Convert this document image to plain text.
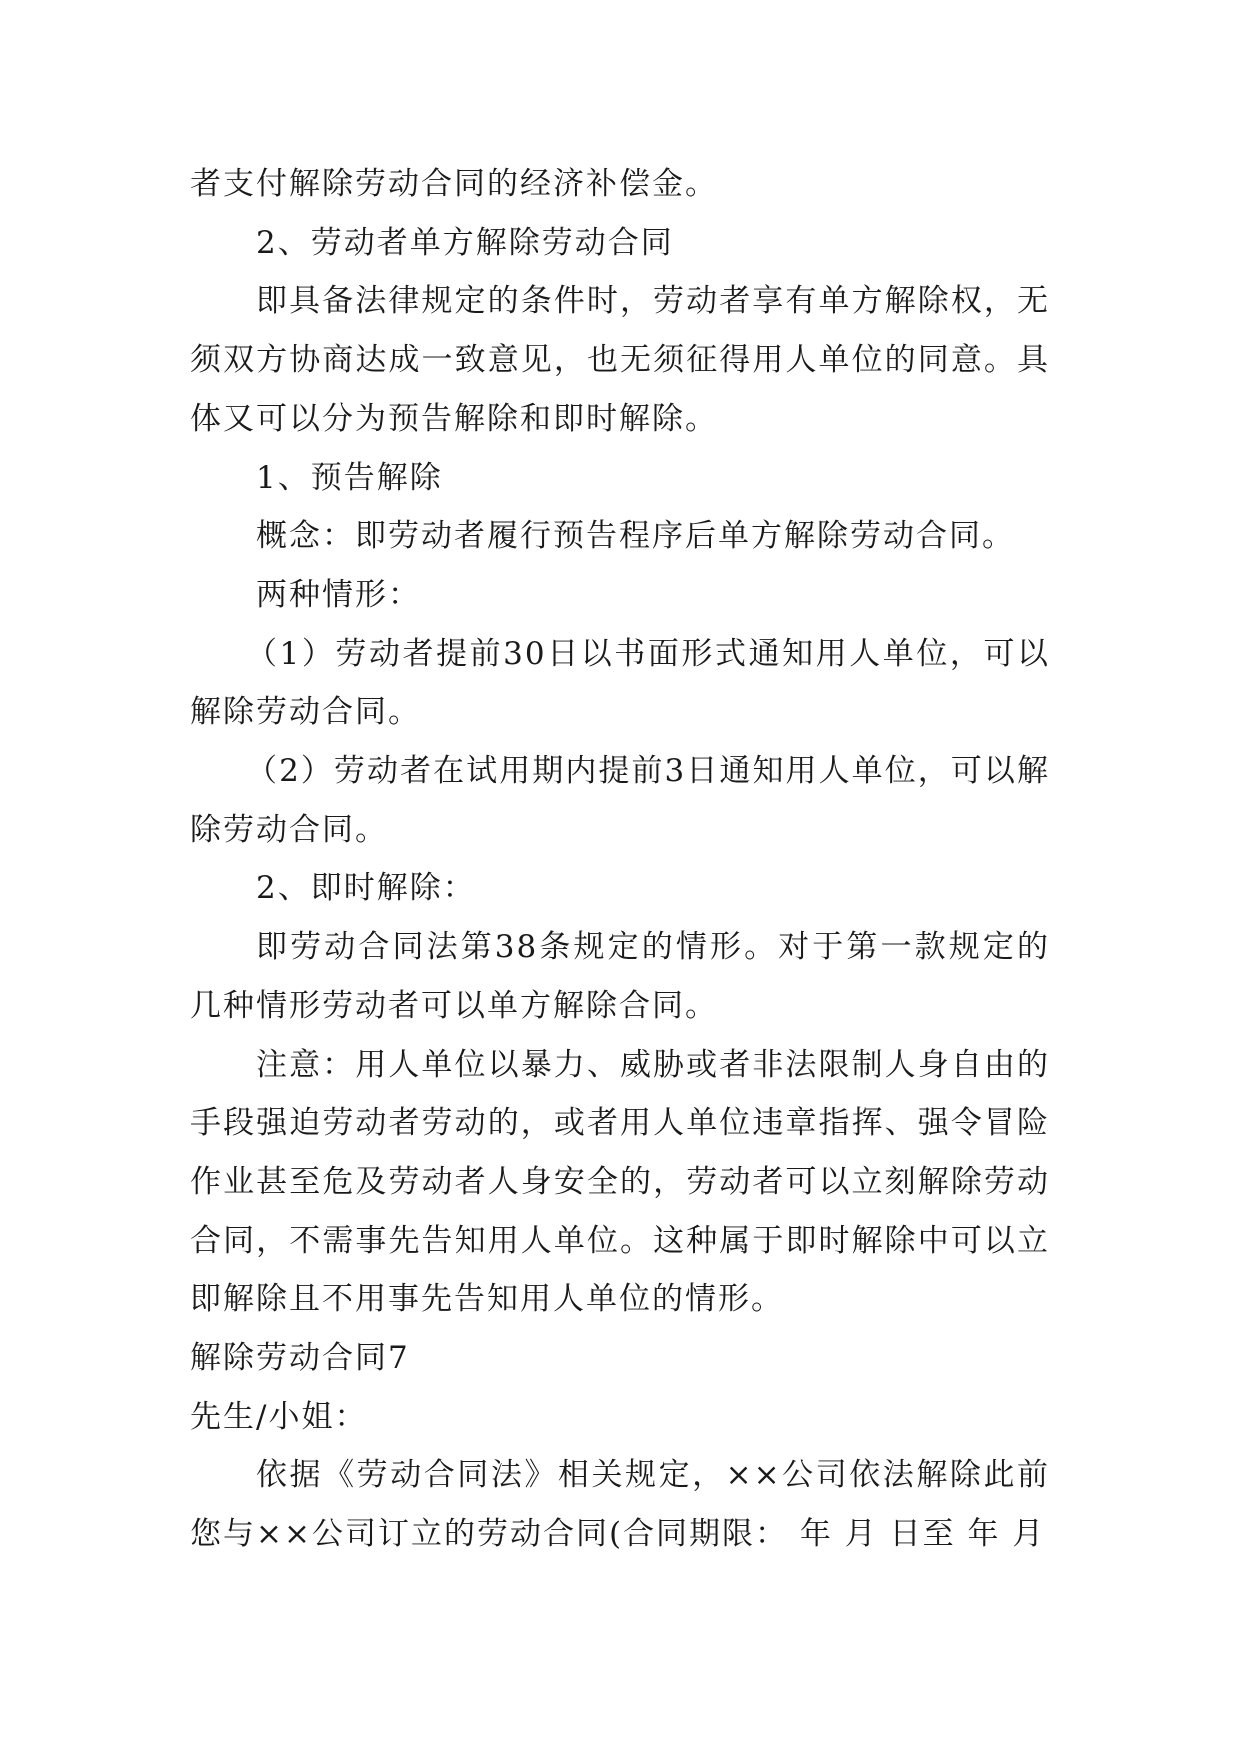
者支付解除劳动合同的经济补偿金。

2、劳动者单方解除劳动合同

即具备法律规定的条件时，劳动者享有单方解除权，无须双方协商达成一致意见，也无须征得用人单位的同意。具体又可以分为预告解除和即时解除。

1、预告解除

概念：即劳动者履行预告程序后单方解除劳动合同。

两种情形：

（1）劳动者提前30日以书面形式通知用人单位，可以解除劳动合同。

（2）劳动者在试用期内提前3日通知用人单位，可以解除劳动合同。

2、即时解除：

即劳动合同法第38条规定的情形。对于第一款规定的几种情形劳动者可以单方解除合同。

注意：用人单位以暴力、威胁或者非法限制人身自由的手段强迫劳动者劳动的，或者用人单位违章指挥、强令冒险作业甚至危及劳动者人身安全的，劳动者可以立刻解除劳动合同，不需事先告知用人单位。这种属于即时解除中可以立即解除且不用事先告知用人单位的情形。

解除劳动合同7

先生/小姐：

依据《劳动合同法》相关规定，××公司依法解除此前您与××公司订立的劳动合同(合同期限： 年 月 日至 年 月
